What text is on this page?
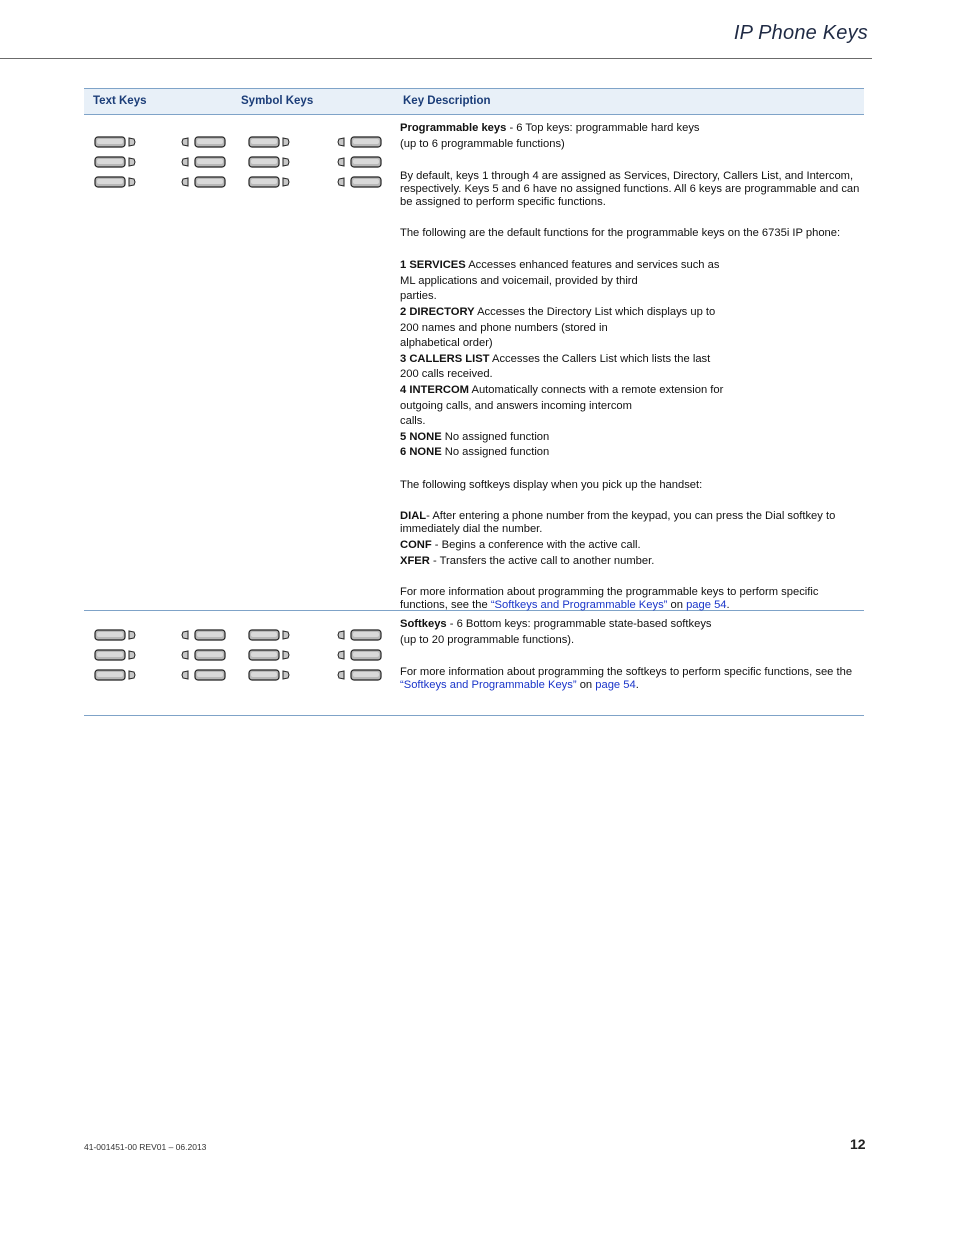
IP Phone Keys
Text Keys	Symbol Keys	Key Description

Programmable keys - 6 Top keys: programmable hard keys

(up to 6 programmable functions)

By default, keys 1 through 4 are assigned as Services, Directory, Callers List, and Intercom, respectively. Keys 5 and 6 have no assigned functions. All 6 keys are programmable and can be assigned to perform specific functions.

The following are the default functions for the programmable keys on the 6735i IP phone:

1 SERVICES Accesses enhanced features and services such as

ML applications and voicemail, provided by third

parties.

2 DIRECTORY Accesses the Directory List which displays up to

200 names and phone numbers (stored in

alphabetical order)

3 CALLERS LIST Accesses the Callers List which lists the last

200 calls received.

4 INTERCOM Automatically connects with a remote extension for

outgoing calls, and answers incoming intercom

calls.

5 NONE No assigned function

6 NONE No assigned function

The following softkeys display when you pick up the handset:

DIAL- After entering a phone number from the keypad, you can press the Dial softkey to immediately dial the number.

CONF - Begins a conference with the active call.

XFER - Transfers the active call to another number.

For more information about programming the programmable keys to perform specific functions, see the “Softkeys and Programmable Keys” on page 54.

Softkeys - 6 Bottom keys: programmable state-based softkeys

(up to 20 programmable functions).

For more information about programming the softkeys to perform specific functions, see the “Softkeys and Programmable Keys” on page 54.

41-001451-00 REV01 – 06.2013	12
